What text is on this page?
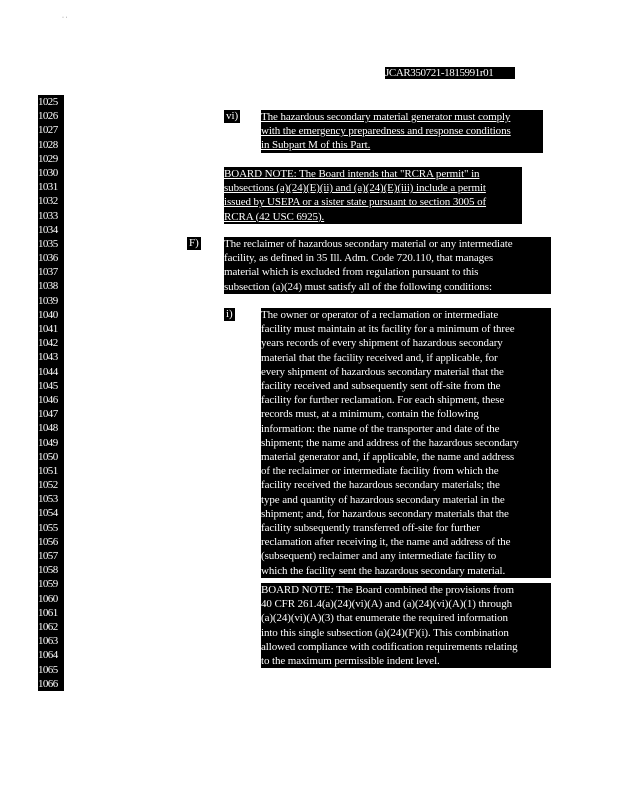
· ·
JCAR350721-1815991r01
1025
1026
1027
1028
1029
1030
1031
1032
1033
1034
1035
1036
1037
1038
1039
1040
1041
1042
1043
1044
1045
1046
1047
1048
1049
1050
1051
1052
1053
1054
1055
1056
1057
1058
1059
1060
1061
1062
1063
1064
1065
1066
vi) The hazardous secondary material generator must comply
with the emergency preparedness and response conditions
in Subpart M of this Part.
BOARD NOTE: The Board intends that "RCRA permit" in
subsections (a)(24)(E)(ii) and (a)(24)(E)(iii) include a permit
issued by USEPA or a sister state pursuant to section 3005 of
RCRA (42 USC 6925).
F) The reclaimer of hazardous secondary material or any intermediate
facility, as defined in 35 Ill. Adm. Code 720.110, that manages
material which is excluded from regulation pursuant to this
subsection (a)(24) must satisfy all of the following conditions:
i)	The owner or operator of a reclamation or intermediate
facility must maintain at its facility for a minimum of three
years records of every shipment of hazardous secondary
material that the facility received and, if applicable, for
every shipment of hazardous secondary material that the
facility received and subsequently sent off-site from the
facility for further reclamation. For each shipment, these
records must, at a minimum, contain the following
information: the name of the transporter and date of the
shipment; the name and address of the hazardous secondary
material generator and, if applicable, the name and address
of the reclaimer or intermediate facility from which the
facility received the hazardous secondary materials; the
type and quantity of hazardous secondary material in the
shipment; and, for hazardous secondary materials that the
facility subsequently transferred off-site for further
reclamation after receiving it, the name and address of the
(subsequent) reclaimer and any intermediate facility to
which the facility sent the hazardous secondary material.
BOARD NOTE: The Board combined the provisions from
40 CFR 261.4(a)(24)(vi)(A) and (a)(24)(vi)(A)(1) through
(a)(24)(vi)(A)(3) that enumerate the required information
into this single subsection (a)(24)(F)(i). This combination
allowed compliance with codification requirements relating
to the maximum permissible indent level.
